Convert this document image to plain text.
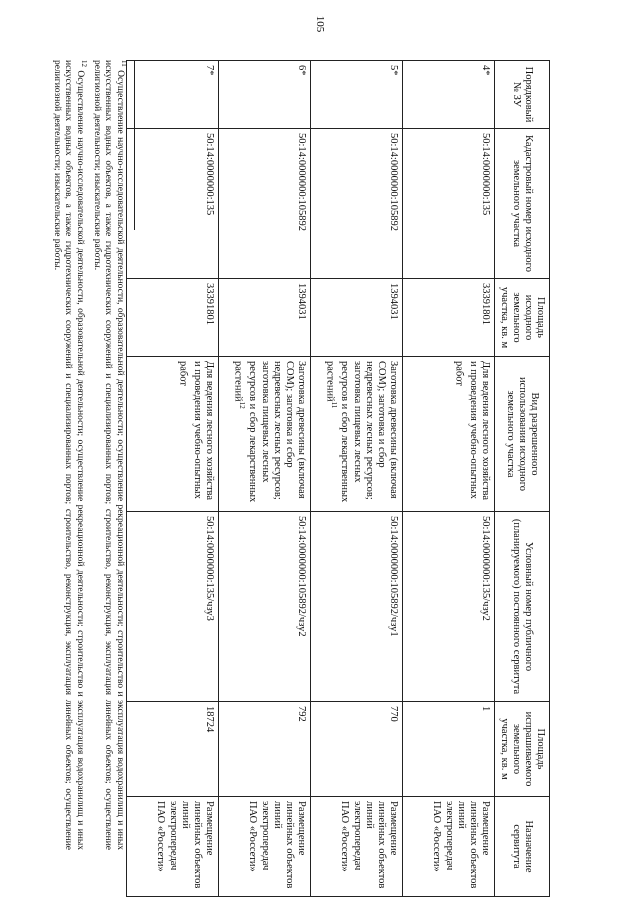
105
Порядковый № ЗУ	Кадастровый номер исходного земельного участка	Площадь исходного земельного участка, кв. м	Вид разрешенного использования исходного земельного участка	Условный номер публичного (планируемого) постоянного сервитута	Площадь испрашиваемого земельного участка, кв. м	Назначение сервитута
4*	50:14:0000000:135	33391801	Для ведения лесного хозяйства и проведения учебно-опытных работ	50:14:0000000:135/чзу2	1	Размещение линейных объектов линий электропередач ПАО «Россети»
5*	50:14:0000000:105892	1394031	Заготовка древесины (включая СОМ); заготовка и сбор недревесных лесных ресурсов; заготовка пищевых лесных ресурсов и сбор лекарственных растений$^{11}$	50:14:0000000:105892/чзу1	770	Размещение линейных объектов линий электропередач ПАО «Россети»
6*	50:14:0000000:105892	1394031	Заготовка древесины (включая СОМ); заготовка и сбор недревесных лесных ресурсов; заготовка пищевых лесных ресурсов и сбор лекарственных растений$^{12}$	50:14:0000000:105892/чзу2	792	Размещение линейных объектов линий электропередач ПАО «Россети»
7*	50:14:0000000:135	33391801	Для ведения лесного хозяйства и проведения учебно-опытных работ	50:14:0000000:135/чзу3	18724	Размещение линейных объектов линий электропередач ПАО «Россети»

$^{11}$ Осуществление научно-исследовательской деятельности, образовательной деятельности; осуществление рекреационной деятельности; строительство и эксплуатация водохранилищ и иных искусственных водных объектов, а также гидротехнических сооружений и специализированных портов; строительство, реконструкция, эксплуатация линейных объектов; осуществление религиозной деятельности; изыскательские работы.

$^{12}$ Осуществление научно-исследовательской деятельности, образовательной деятельности; осуществление рекреационной деятельности; строительство и эксплуатация водохранилищ и иных искусственных водных объектов, а также гидротехнических сооружений и специализированных портов; строительство, реконструкция, эксплуатация линейных объектов; осуществление религиозной деятельности; изыскательские работы.
